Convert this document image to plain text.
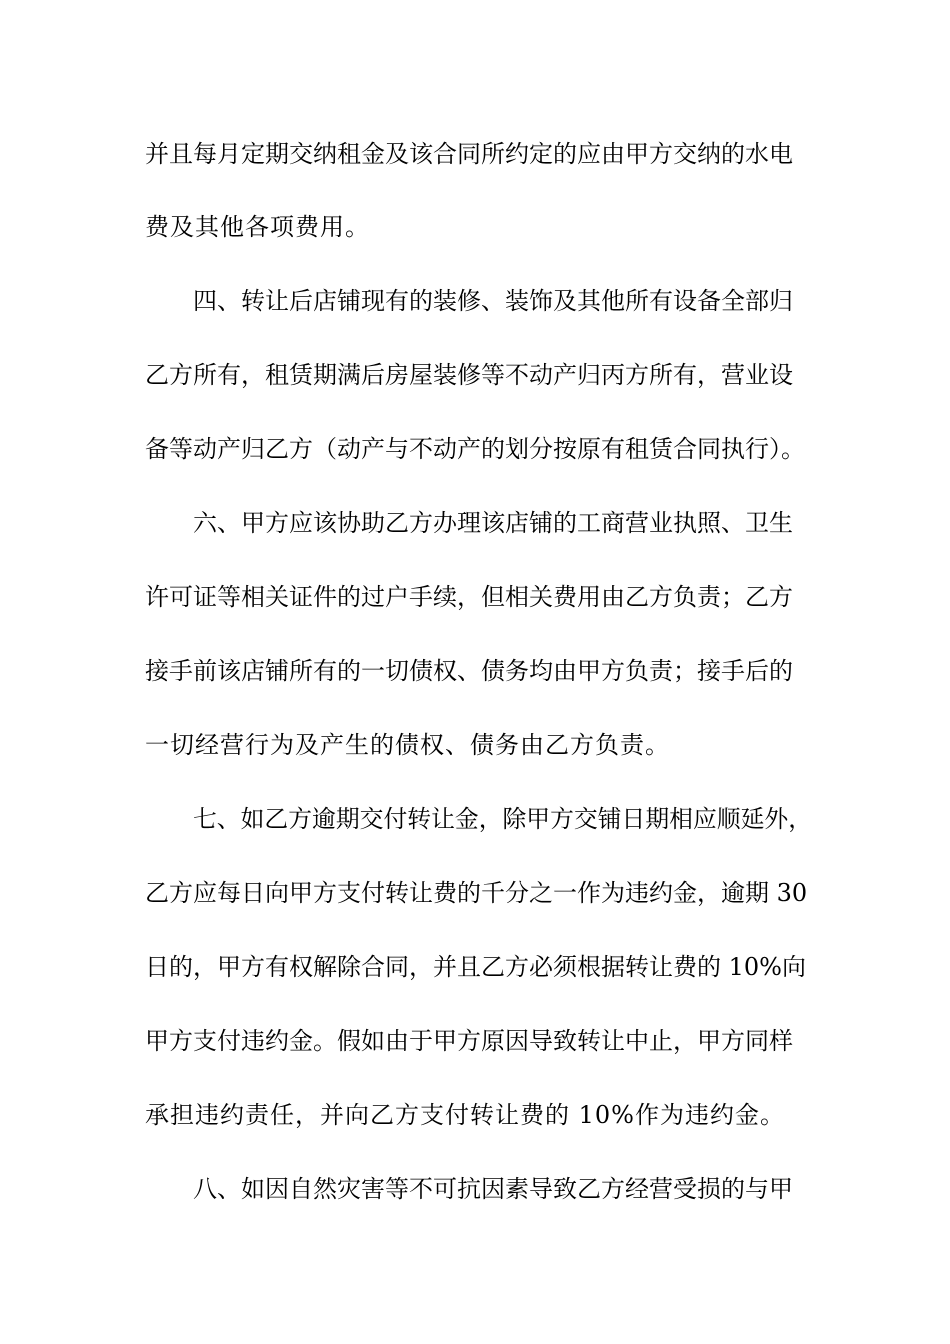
并且每月定期交纳租金及该合同所约定的应由甲方交纳的水电
费及其他各项费用。
四、转让后店铺现有的装修、装饰及其他所有设备全部归
乙方所有，租赁期满后房屋装修等不动产归丙方所有，营业设
备等动产归乙方（动产与不动产的划分按原有租赁合同执行）。
六、甲方应该协助乙方办理该店铺的工商营业执照、卫生
许可证等相关证件的过户手续，但相关费用由乙方负责；乙方
接手前该店铺所有的一切债权、债务均由甲方负责；接手后的
一切经营行为及产生的债权、债务由乙方负责。
七、如乙方逾期交付转让金，除甲方交铺日期相应顺延外，
乙方应每日向甲方支付转让费的千分之一作为违约金，逾期 30
日的，甲方有权解除合同，并且乙方必须根据转让费的 10%向
甲方支付违约金。假如由于甲方原因导致转让中止，甲方同样
承担违约责任，并向乙方支付转让费的 10%作为违约金。
八、如因自然灾害等不可抗因素导致乙方经营受损的与甲
